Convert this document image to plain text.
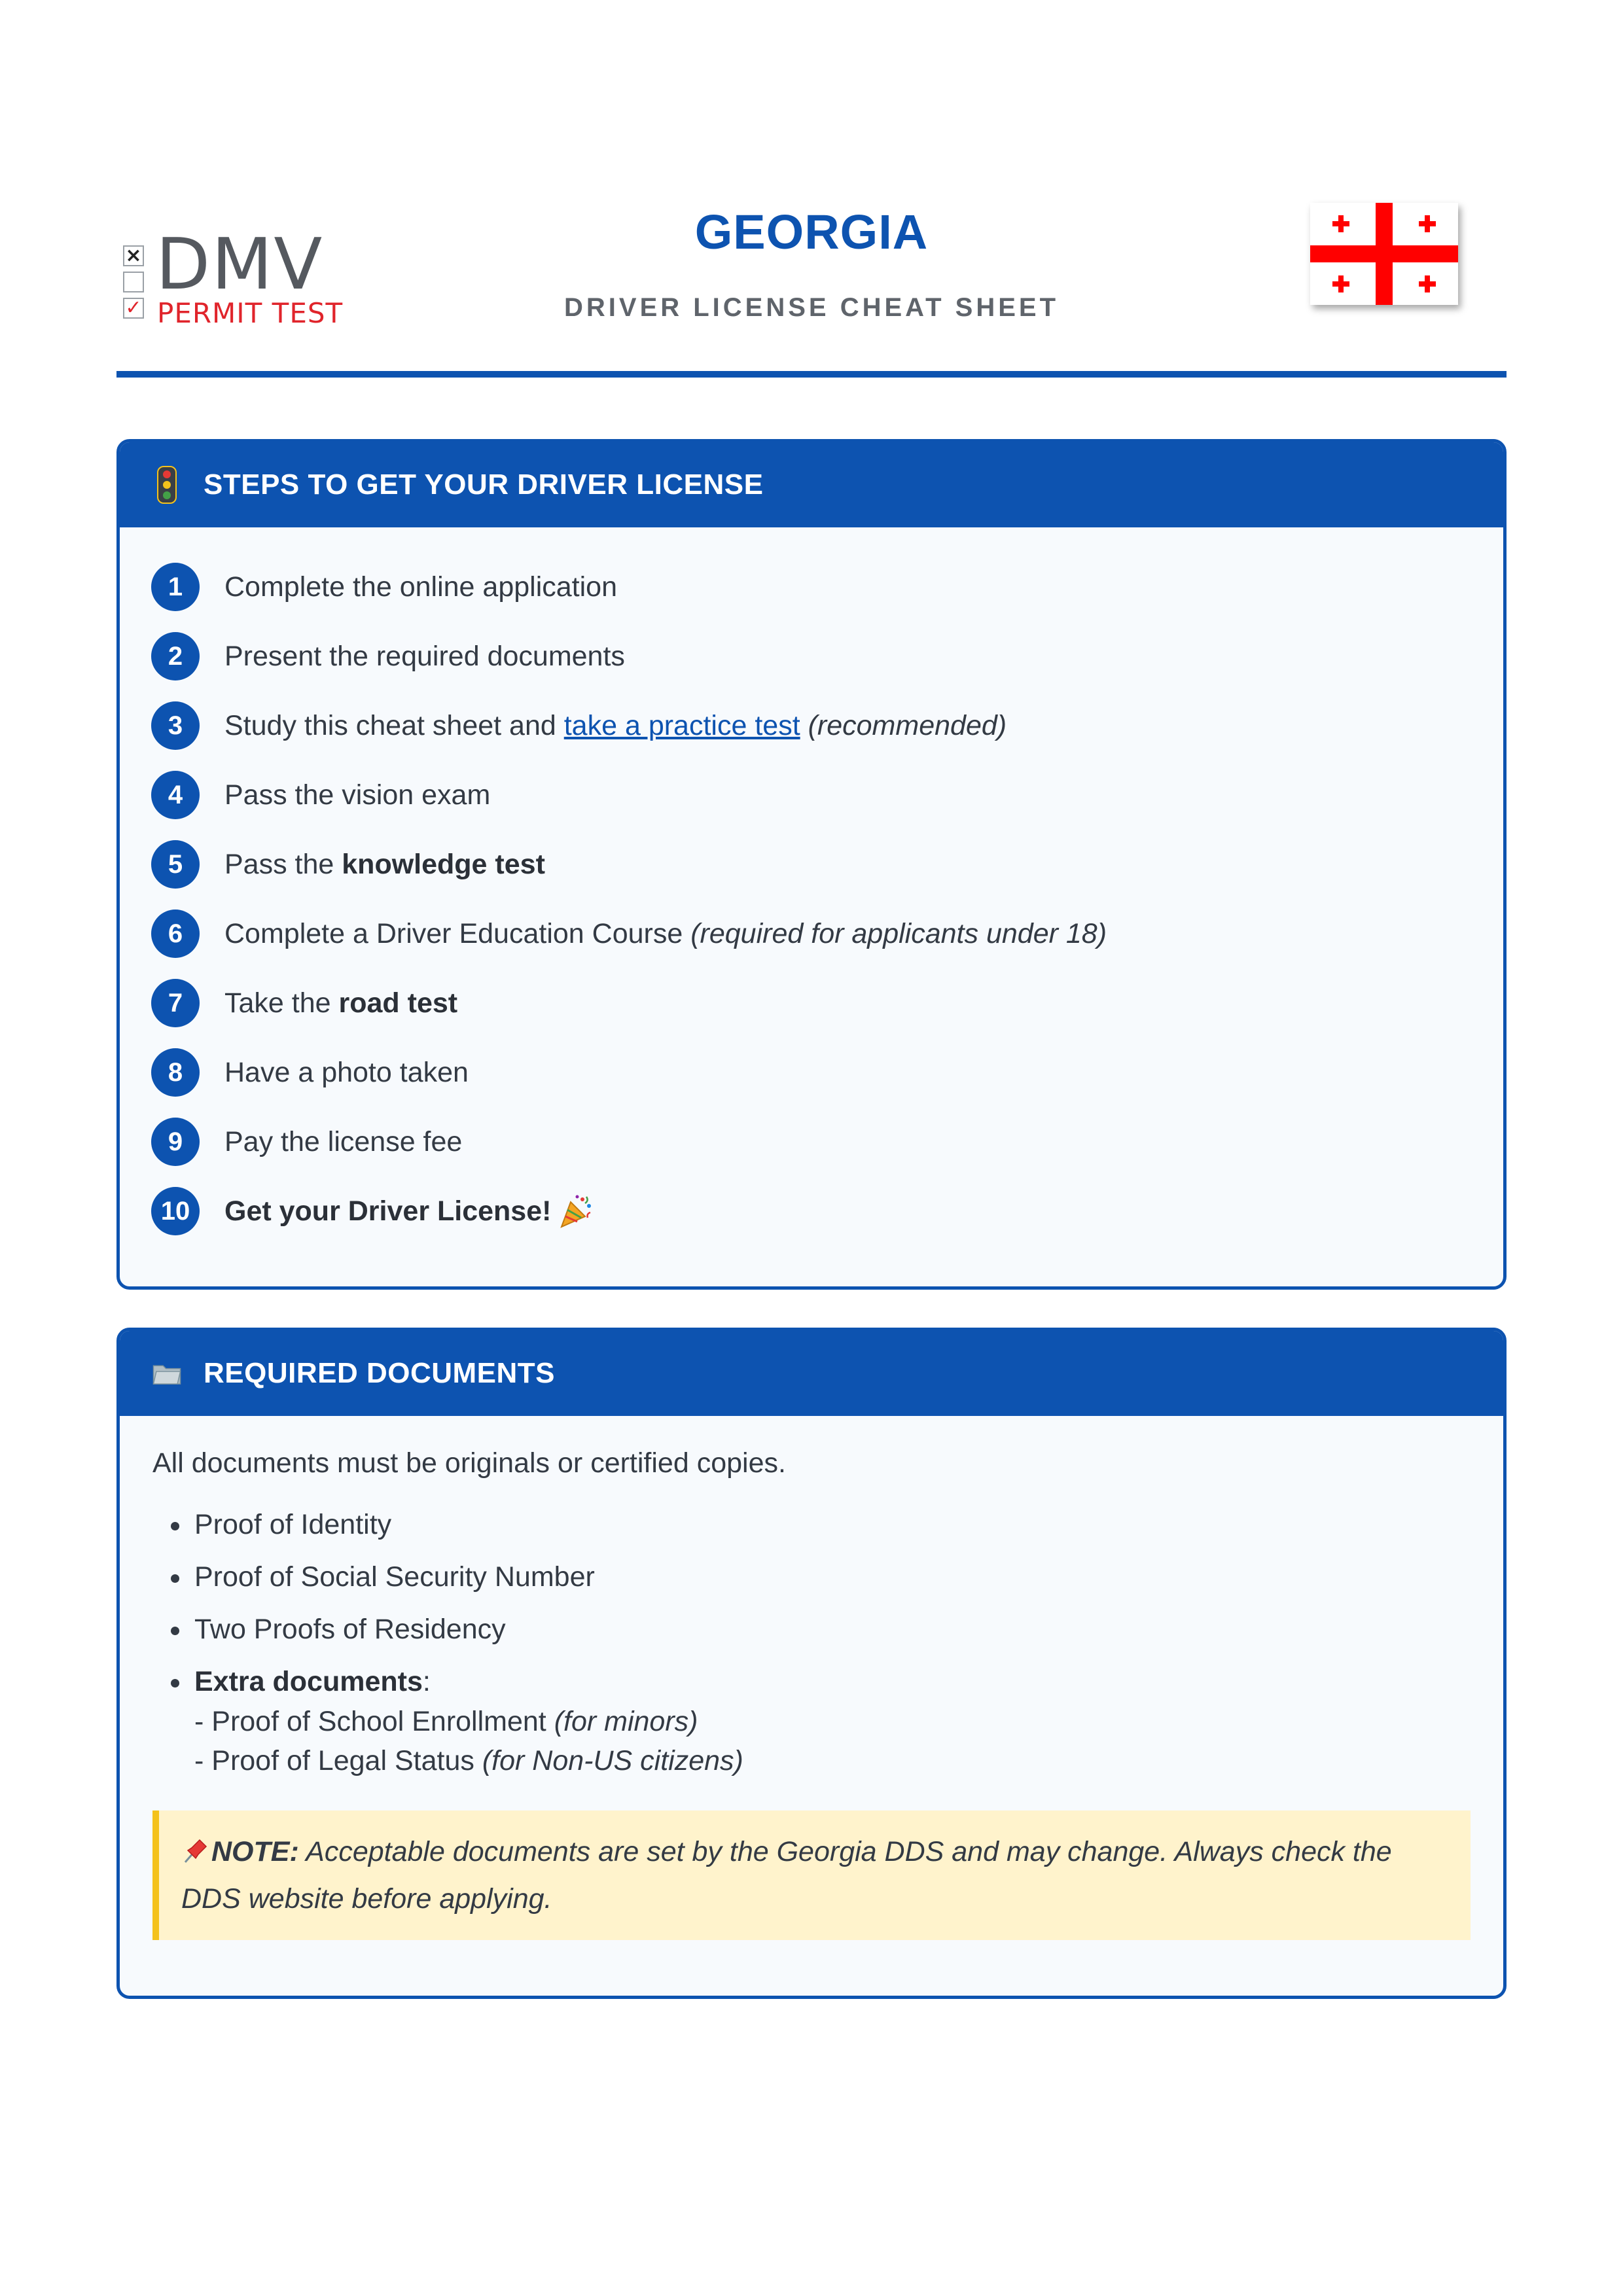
×
✓
DMV
PERMIT TEST
GEORGIA
DRIVER LICENSE CHEAT SHEET
STEPS TO GET YOUR DRIVER LICENSE
1	Complete the online application
2	Present the required documents
3	Study this cheat sheet and take a practice test (recommended)
4	Pass the vision exam
5	Pass the knowledge test
6	Complete a Driver Education Course (required for applicants under 18)
7	Take the road test
8	Have a photo taken
9	Pay the license fee
10	Get your Driver License!
REQUIRED DOCUMENTS

All documents must be originals or certified copies.

Proof of Identity
Proof of Social Security Number
Two Proofs of Residency
Extra documents:
- Proof of School Enrollment (for minors)
- Proof of Legal Status (for Non-US citizens)
NOTE: Acceptable documents are set by the Georgia DDS and may change. Always check the DDS website before applying.
